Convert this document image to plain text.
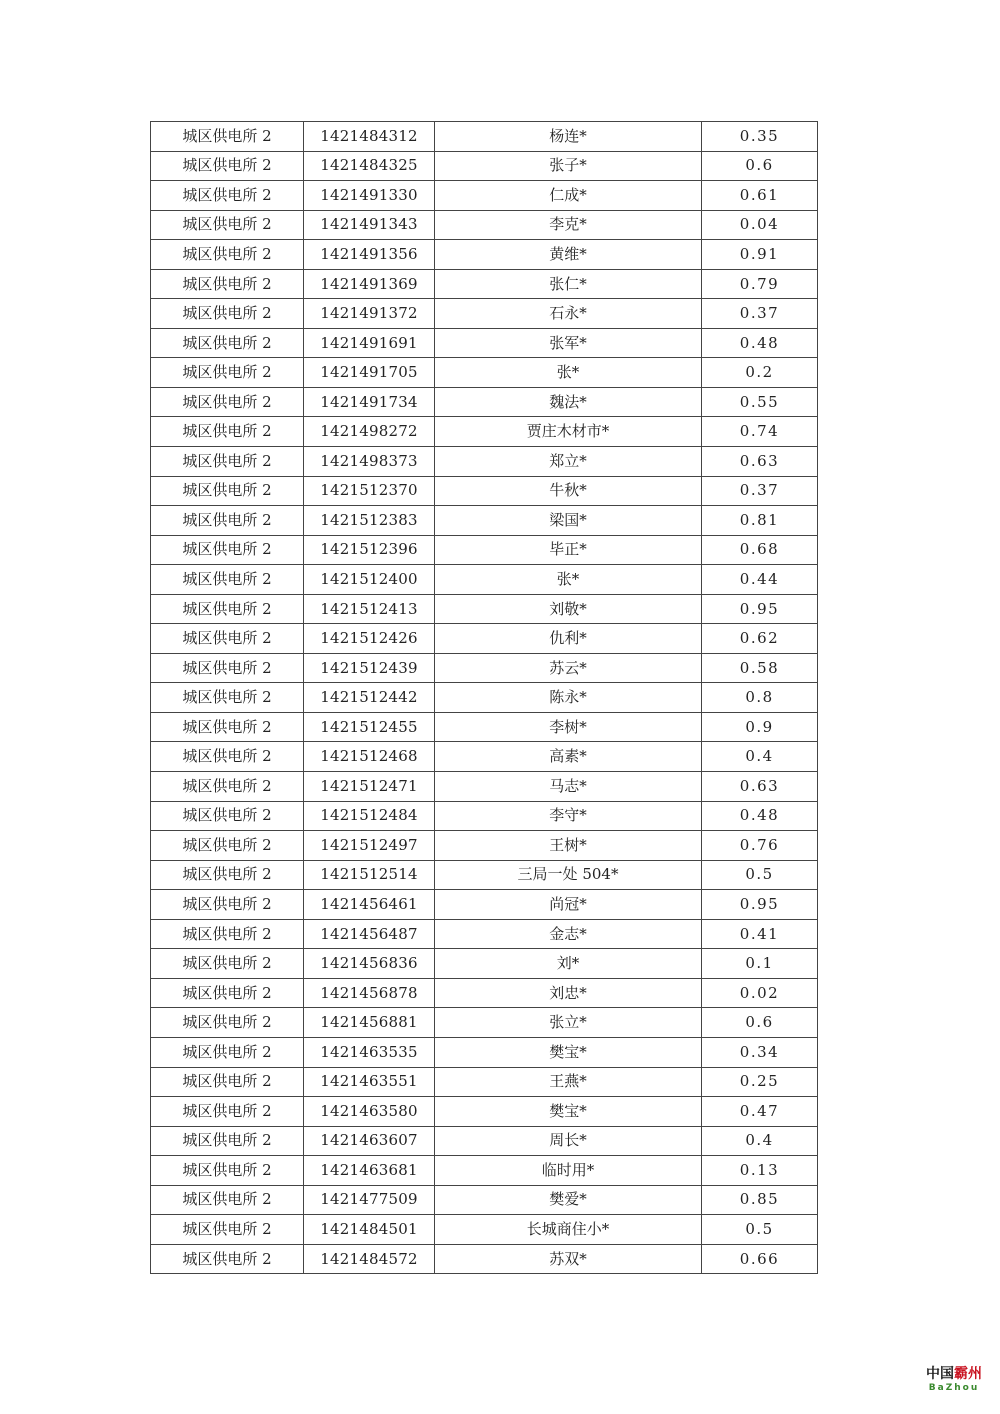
城区供电所 2	1421484312	杨连*	0.35
城区供电所 2	1421484325	张子*	0.6
城区供电所 2	1421491330	仁成*	0.61
城区供电所 2	1421491343	李克*	0.04
城区供电所 2	1421491356	黄维*	0.91
城区供电所 2	1421491369	张仁*	0.79
城区供电所 2	1421491372	石永*	0.37
城区供电所 2	1421491691	张军*	0.48
城区供电所 2	1421491705	张*	0.2
城区供电所 2	1421491734	魏法*	0.55
城区供电所 2	1421498272	贾庄木材市*	0.74
城区供电所 2	1421498373	郑立*	0.63
城区供电所 2	1421512370	牛秋*	0.37
城区供电所 2	1421512383	梁国*	0.81
城区供电所 2	1421512396	毕正*	0.68
城区供电所 2	1421512400	张*	0.44
城区供电所 2	1421512413	刘敬*	0.95
城区供电所 2	1421512426	仇利*	0.62
城区供电所 2	1421512439	苏云*	0.58
城区供电所 2	1421512442	陈永*	0.8
城区供电所 2	1421512455	李树*	0.9
城区供电所 2	1421512468	高素*	0.4
城区供电所 2	1421512471	马志*	0.63
城区供电所 2	1421512484	李守*	0.48
城区供电所 2	1421512497	王树*	0.76
城区供电所 2	1421512514	三局一处 504*	0.5
城区供电所 2	1421456461	尚冠*	0.95
城区供电所 2	1421456487	金志*	0.41
城区供电所 2	1421456836	刘*	0.1
城区供电所 2	1421456878	刘忠*	0.02
城区供电所 2	1421456881	张立*	0.6
城区供电所 2	1421463535	樊宝*	0.34
城区供电所 2	1421463551	王燕*	0.25
城区供电所 2	1421463580	樊宝*	0.47
城区供电所 2	1421463607	周长*	0.4
城区供电所 2	1421463681	临时用*	0.13
城区供电所 2	1421477509	樊爱*	0.85
城区供电所 2	1421484501	长城商住小*	0.5
城区供电所 2	1421484572	苏双*	0.66
中国霸州
BaZhou
